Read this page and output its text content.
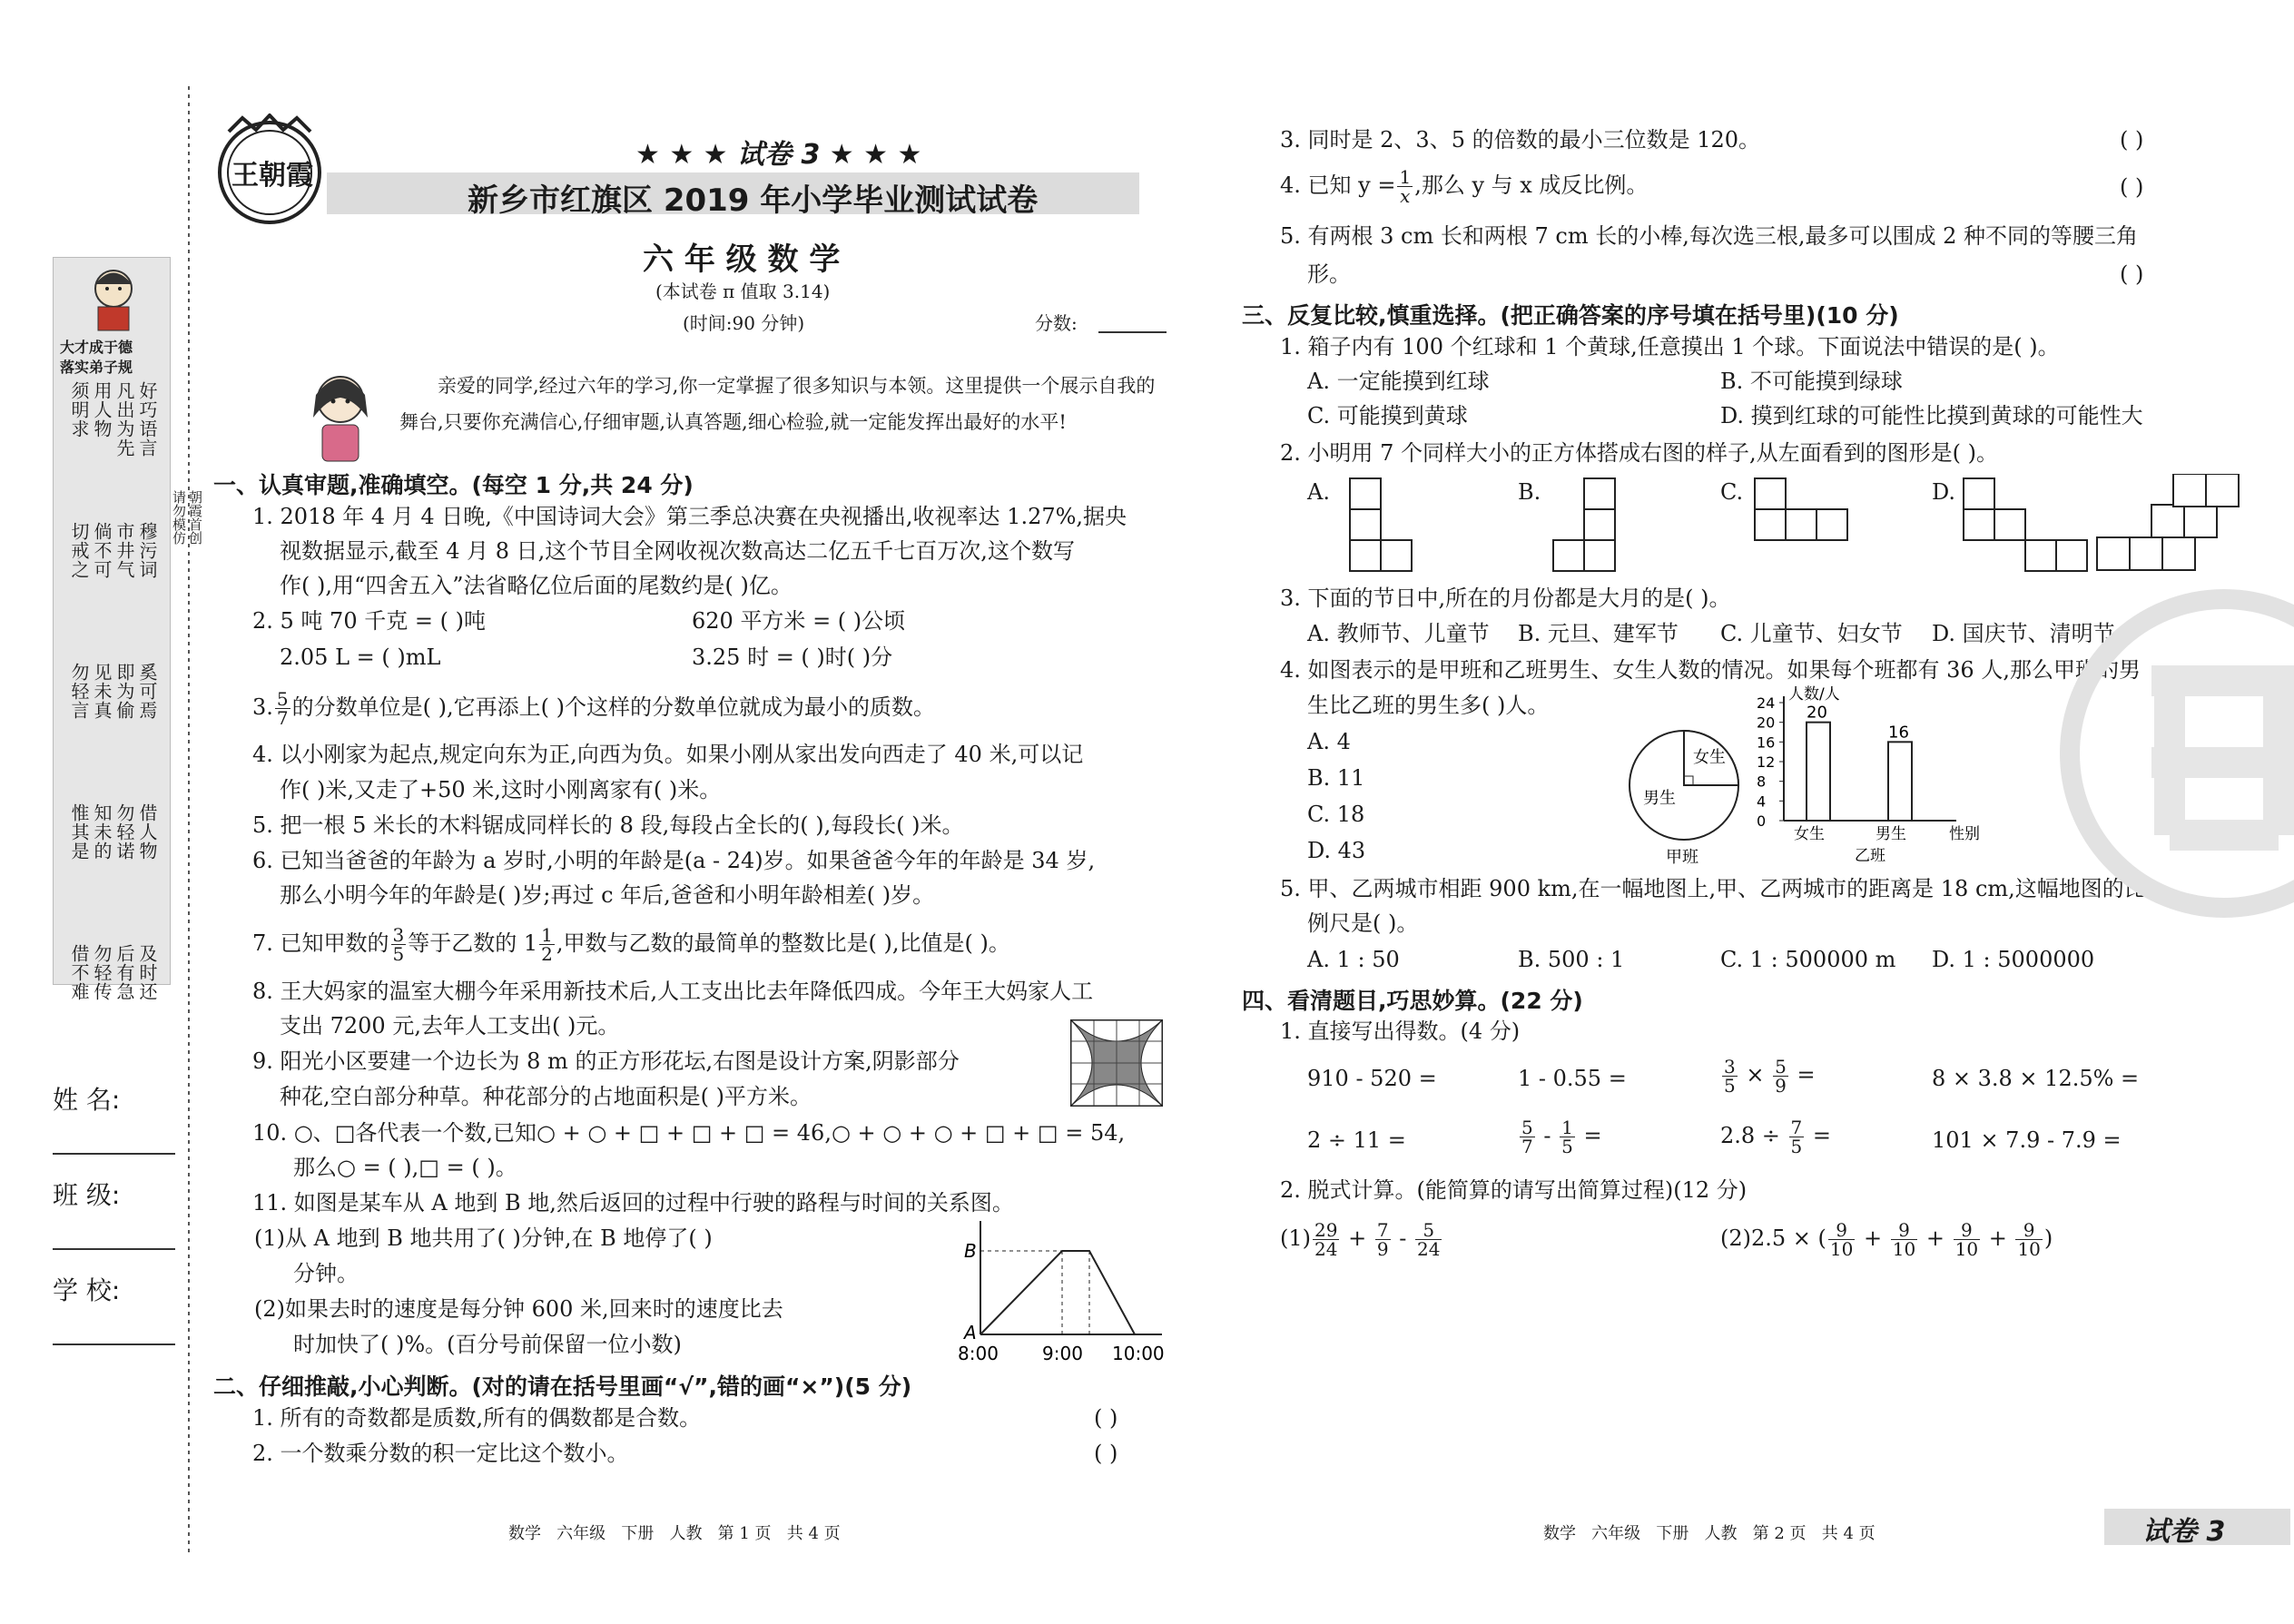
大才成于德
落实弟子规
好巧语言
凡出为先
用人物
须明求
穆污词
市井气
倘不可
切戒之
奚可焉
即为偷
见未真
勿轻言
借人物
勿轻诺
知未的
惟其是
及时还
后有急
勿轻传
借不难
姓 名:
班 级:
学 校:
朝霞首创
请勿模仿
王朝霞
★ ★ ★ 试卷 3 ★ ★ ★
新乡市红旗区 2019 年小学毕业测试试卷
六 年 级 数 学
(本试卷 π 值取 3.14)
(时间:90 分钟)	分数:
亲爱的同学,经过六年的学习,你一定掌握了很多知识与本领。这里提供一个展示自我的舞台,只要你充满信心,仔细审题,认真答题,细心检验,就一定能发挥出最好的水平!
一、认真审题,准确填空。(每空 1 分,共 24 分)
1. 2018 年 4 月 4 日晚,《中国诗词大会》第三季总决赛在央视播出,收视率达 1.27%,据央
视数据显示,截至 4 月 8 日,这个节目全网收视次数高达二亿五千七百万次,这个数写
作( ),用“四舍五入”法省略亿位后面的尾数约是( )亿。
2. 5 吨 70 千克 = ( )吨	620 平方米 = ( )公顷
2.05 L = ( )mL	3.25 时 = ( )时( )分
3. $\frac{5}{7}$ 的分数单位是( ),它再添上( )个这样的分数单位就成为最小的质数。
4. 以小刚家为起点,规定向东为正,向西为负。如果小刚从家出发向西走了 40 米,可以记
作( )米,又走了+50 米,这时小刚离家有( )米。
5. 把一根 5 米长的木料锯成同样长的 8 段,每段占全长的( ),每段长( )米。
6. 已知当爸爸的年龄为 a 岁时,小明的年龄是(a - 24)岁。如果爸爸今年的年龄是 34 岁,
那么小明今年的年龄是( )岁;再过 c 年后,爸爸和小明年龄相差( )岁。
7. 已知甲数的 $\frac{3}{5}$ 等于乙数的 $1 \frac{1}{2}$ ,甲数与乙数的最简单的整数比是( ),比值是( )。
8. 王大妈家的温室大棚今年采用新技术后,人工支出比去年降低四成。今年王大妈家人工
支出 7200 元,去年人工支出( )元。
9. 阳光小区要建一个边长为 8 m 的正方形花坛,右图是设计方案,阴影部分
种花,空白部分种草。种花部分的占地面积是( )平方米。
10. ○、□各代表一个数,已知○ + ○ + □ + □ + □ = 46,○ + ○ + ○ + □ + □ = 54,
那么○ = ( ),□ = ( )。
11. 如图是某车从 A 地到 B 地,然后返回的过程中行驶的路程与时间的关系图。
(1)从 A 地到 B 地共用了( )分钟,在 B 地停了( )
分钟。
(2)如果去时的速度是每分钟 600 米,回来时的速度比去
时加快了( )%。(百分号前保留一位小数)
B
A
8:00 9:00 10:00
二、仔细推敲,小心判断。(对的请在括号里画“√”,错的画“×”)(5 分)
1. 所有的奇数都是质数,所有的偶数都是合数。	( )
2. 一个数乘分数的积一定比这个数小。	( )
数学   六年级   下册   人教   第 1 页   共 4 页
3. 同时是 2、3、5 的倍数的最小三位数是 120。	( )
4. 已知 $y = \frac{1}{x}$ ,那么 y 与 x 成反比例。	( )
5. 有两根 3 cm 长和两根 7 cm 长的小棒,每次选三根,最多可以围成 2 种不同的等腰三角
形。	( )
三、反复比较,慎重选择。(把正确答案的序号填在括号里)(10 分)
1. 箱子内有 100 个红球和 1 个黄球,任意摸出 1 个球。下面说法中错误的是( )。
A. 一定能摸到红球	B. 不可能摸到绿球
C. 可能摸到黄球	D. 摸到红球的可能性比摸到黄球的可能性大
2. 小明用 7 个同样大小的正方体搭成右图的样子,从左面看到的图形是( )。
A.	B.	C.	D.
3. 下面的节日中,所在的月份都是大月的是( )。
A. 教师节、儿童节 B. 元旦、建军节 C. 儿童节、妇女节 D. 国庆节、清明节
4. 如图表示的是甲班和乙班男生、女生人数的情况。如果每个班都有 36 人,那么甲班的男
生比乙班的男生多( )人。
A. 4
B. 11
C. 18
D. 43
女生
男生
甲班
人数/人
性别
乙班
0
4
8
12
16
20
24
20
女生
16
男生
5. 甲、乙两城市相距 900 km,在一幅地图上,甲、乙两城市的距离是 18 cm,这幅地图的比
例尺是( )。
A. 1 : 50	B. 500 : 1	C. 1 : 500000 m D. 1 : 5000000
四、看清题目,巧思妙算。(22 分)
1. 直接写出得数。(4 分)
910 - 520 =	1 - 0.55 =	$\frac{3}{5} \times \frac{5}{9}$ =	8 × 3.8 × 12.5% =
2 ÷ 11 =	$\frac{5}{7} - \frac{1}{5}$ =	$2.8 \div \frac{7}{5}$ =	101 × 7.9 - 7.9 =
2. 脱式计算。(能简算的请写出简算过程)(12 分)
$(1) \frac{29}{24} + \frac{7}{9} - \frac{5}{24}$	(2)2.5 × ( $\frac{9}{10} + \frac{9}{10} + \frac{9}{10} + \frac{9}{10}$ )
数学   六年级   下册   人教   第 2 页   共 4 页	试卷 3
